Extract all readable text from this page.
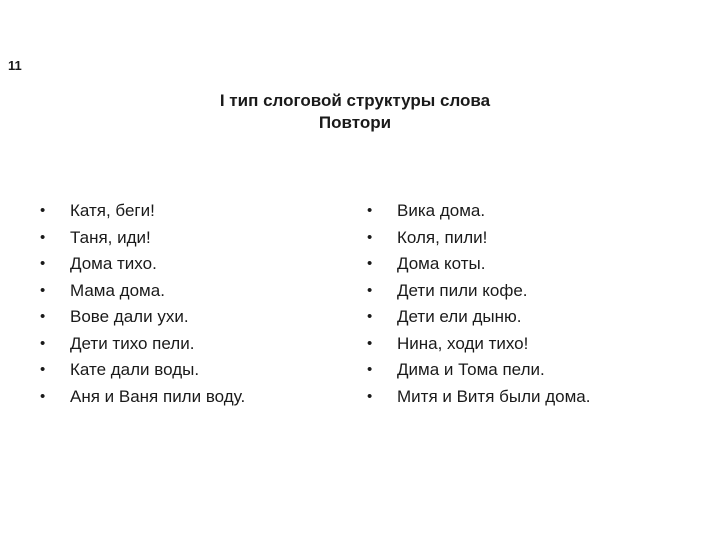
11

I тип слоговой структуры слова

Повтори

•	Катя, беги!
•	Таня, иди!
•	Дома тихо.
•	Мама дома.
•	Вове дали ухи.
•	Дети тихо пели.
•	Кате дали воды.
•	Аня и Ваня пили воду.
•	Вика дома.
•	Коля, пили!
•	Дома коты.
•	Дети пили кофе.
•	Дети ели дыню.
•	Нина, ходи тихо!
•	Дима и Тома пели.
•	Митя и Витя были дома.
